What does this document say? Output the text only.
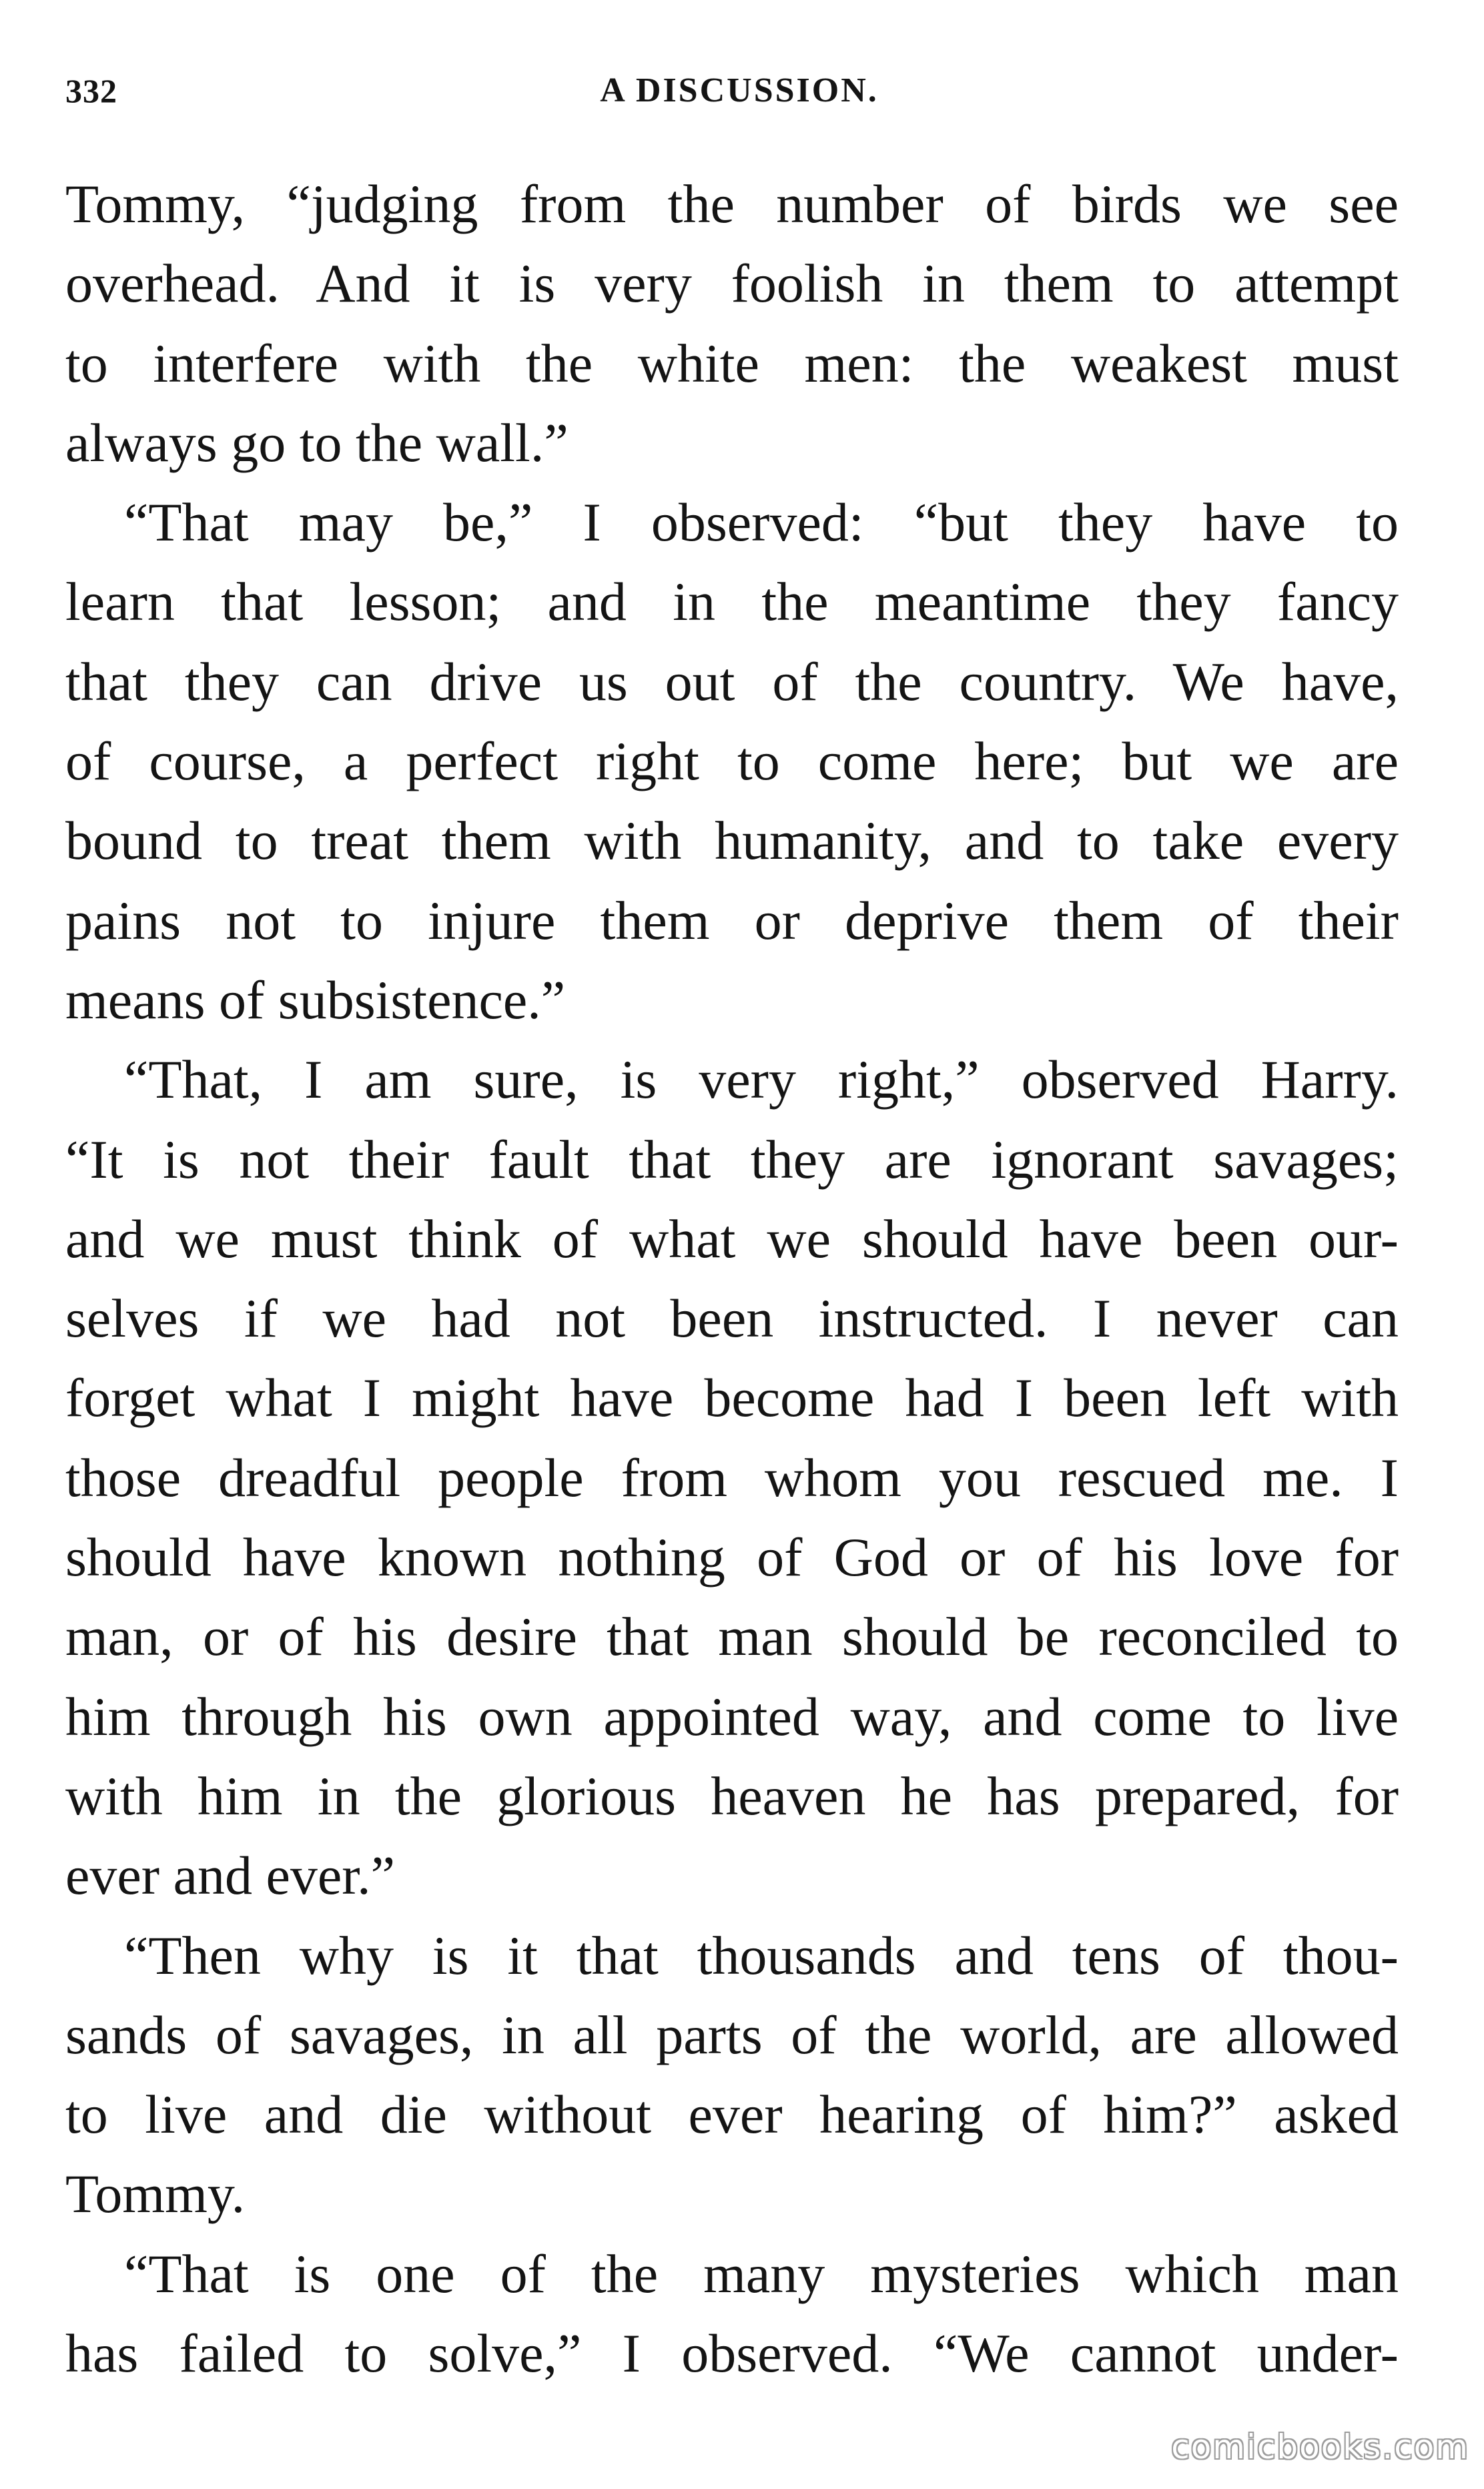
332	A DISCUSSION.
Tommy, “judging from the number of birds we see
overhead. And it is very foolish in them to attempt
to interfere with the white men: the weakest must
always go to the wall.”
“That may be,” I observed: “but they have to
learn that lesson; and in the meantime they fancy
that they can drive us out of the country. We have,
of course, a perfect right to come here; but we are
bound to treat them with humanity, and to take every
pains not to injure them or deprive them of their
means of subsistence.”
“That, I am sure, is very right,” observed Harry.
“It is not their fault that they are ignorant savages;
and we must think of what we should have been our-
selves if we had not been instructed. I never can
forget what I might have become had I been left with
those dreadful people from whom you rescued me. I
should have known nothing of God or of his love for
man, or of his desire that man should be reconciled to
him through his own appointed way, and come to live
with him in the glorious heaven he has prepared, for
ever and ever.”
“Then why is it that thousands and tens of thou-
sands of savages, in all parts of the world, are allowed
to live and die without ever hearing of him?” asked
Tommy.
“That is one of the many mysteries which man
has failed to solve,” I observed. “We cannot under-
comicbooks.com
